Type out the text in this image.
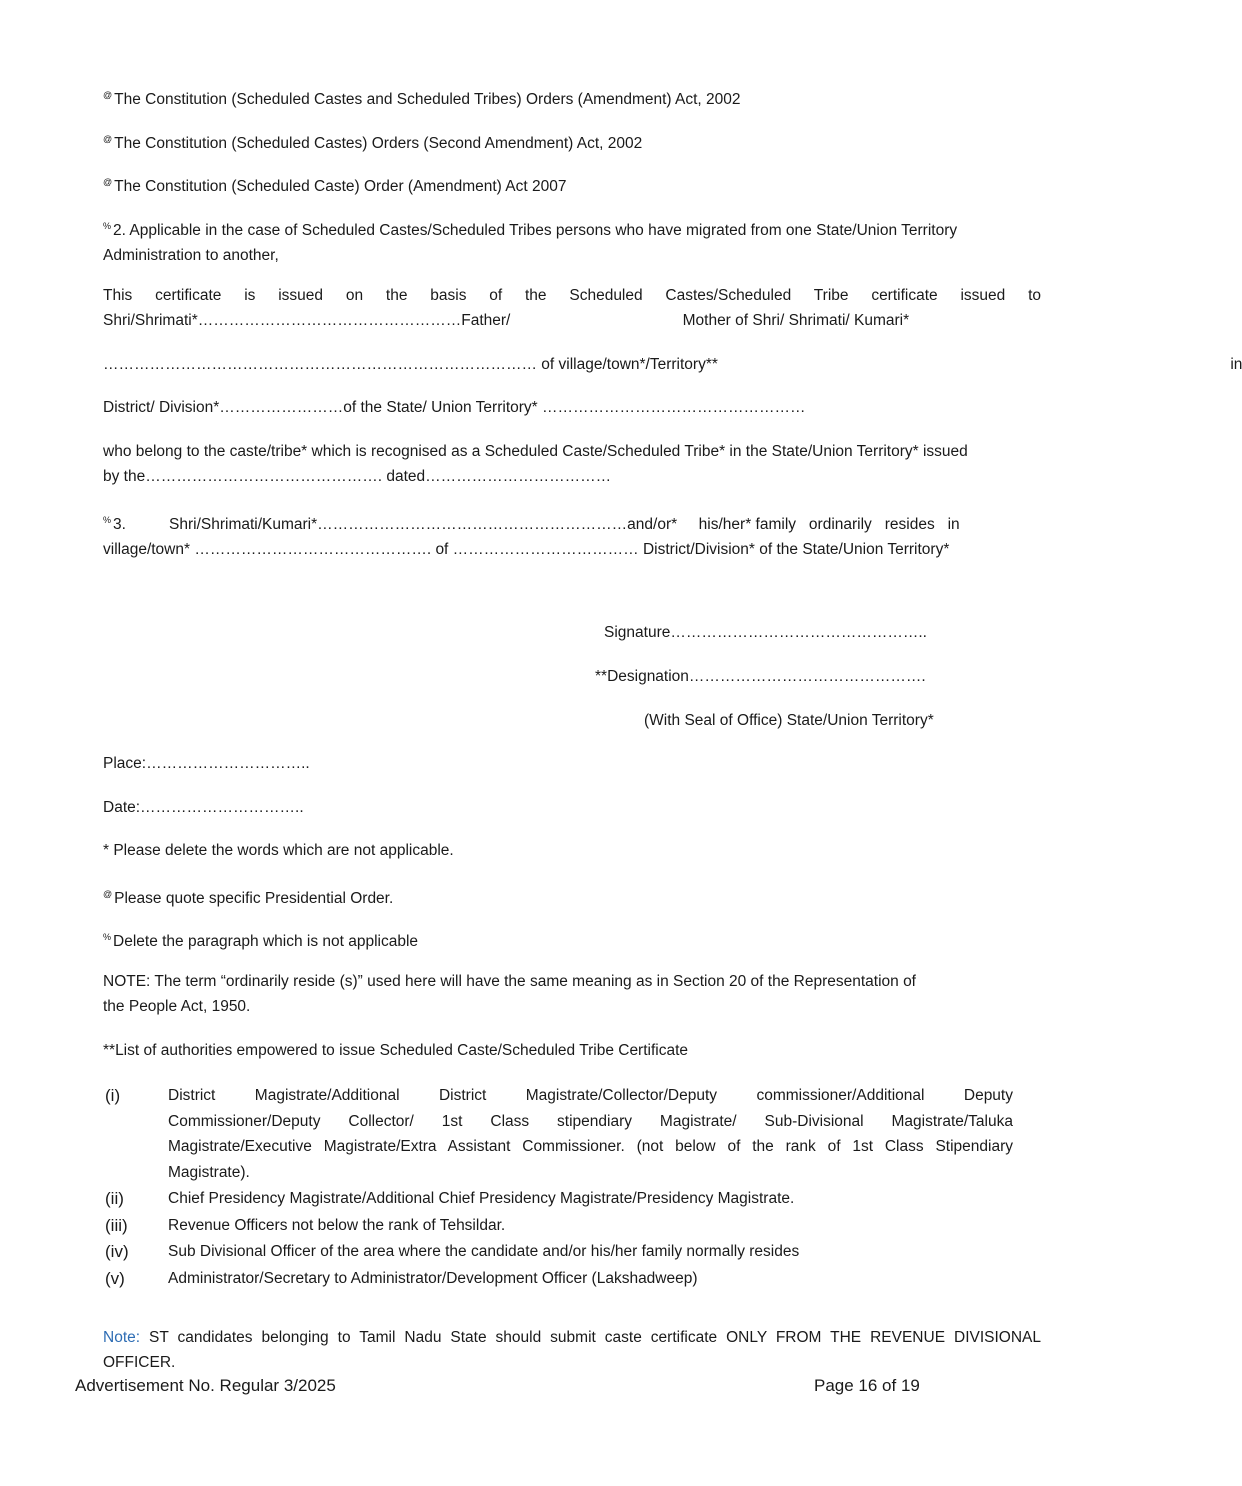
@ The Constitution (Scheduled Castes and Scheduled Tribes) Orders (Amendment) Act, 2002

@ The Constitution (Scheduled Castes) Orders (Second Amendment) Act, 2002

@ The Constitution (Scheduled Caste) Order (Amendment) Act 2007

% 2. Applicable in the case of Scheduled Castes/Scheduled Tribes persons who have migrated from one State/Union Territory
Administration to another,
This certificate is issued on the basis of the Scheduled Castes/Scheduled Tribe certificate issued to
Shri/Shrimati*……………………………………………Father/                                        Mother of Shri/ Shrimati/ Kumari*
………………………………………………………………………… of village/town*/Territory**                                                                                                                       in
District/ Division*……………………of the State/ Union Territory* ……………………………………………
who belong to the caste/tribe* which is recognised as a Scheduled Caste/Scheduled Tribe* in the State/Union Territory* issued
by the………………………………………. dated………………………………
% 3.          Shri/Shrimati/Kumari*……………………………………………………and/or*     his/her* family   ordinarily   resides   in
village/town* ………………………………………. of ……………………………… District/Division* of the State/Union Territory*
Signature…………………………………………..
**Designation……………………………………….
(With Seal of Office) State/Union Territory*
Place:…………………………..
Date:…………………………..
* Please delete the words which are not applicable.
@ Please quote specific Presidential Order.
% Delete the paragraph which is not applicable
NOTE: The term “ordinarily reside (s)” used here will have the same meaning as in Section 20 of the Representation of
the People Act, 1950.
**List of authorities empowered to issue Scheduled Caste/Scheduled Tribe Certificate
(i)	District Magistrate/Additional District Magistrate/Collector/Deputy commissioner/Additional Deputy
Commissioner/Deputy Collector/ 1st Class stipendiary Magistrate/ Sub-Divisional Magistrate/Taluka
Magistrate/Executive Magistrate/Extra Assistant Commissioner. (not below of the rank of 1st Class Stipendiary
Magistrate).
(ii)	Chief Presidency Magistrate/Additional Chief Presidency Magistrate/Presidency Magistrate.
(iii)	Revenue Officers not below the rank of Tehsildar.
(iv)	Sub Divisional Officer of the area where the candidate and/or his/her family normally resides
(v)	Administrator/Secretary to Administrator/Development Officer (Lakshadweep)
Note: ST candidates belonging to Tamil Nadu State should submit caste certificate ONLY FROM THE REVENUE DIVISIONAL
OFFICER.
Advertisement No. Regular 3/2025	Page 16 of 19
